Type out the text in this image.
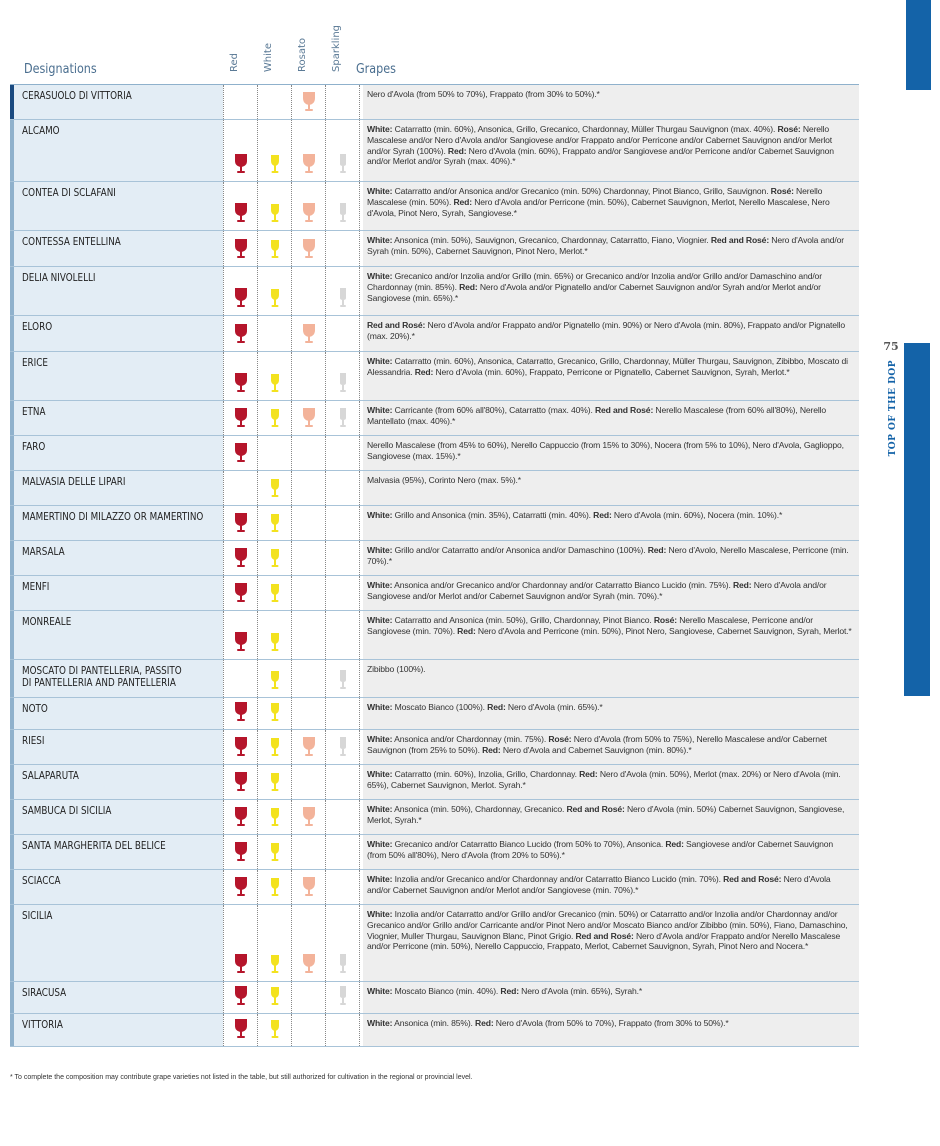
75
TOP OF THE DOP
Designations	Red	White	Rosato	Sparkling	Grapes
CERASUOLO DI VITTORIA	Nero d'Avola (from 50% to 70%), Frappato (from 30% to 50%).*
ALCAMO	White: Catarratto (min. 60%), Ansonica, Grillo, Grecanico, Chardonnay, Müller Thurgau Sauvignon (max. 40%). Rosé: Nerello Mascalese and/or Nero d'Avola and/or Sangiovese and/or Frappato and/or Perricone and/or Cabernet Sauvignon and/or Merlot and/or Syrah (100%). Red: Nero d'Avola (min. 60%), Frappato and/or Sangiovese and/or Perricone and/or Cabernet Sauvignon and/or Merlot and/or Syrah (max. 40%).*
CONTEA DI SCLAFANI	White: Catarratto and/or Ansonica and/or Grecanico (min. 50%) Chardonnay, Pinot Bianco, Grillo, Sauvignon. Rosé: Nerello Mascalese (min. 50%). Red: Nero d'Avola and/or Perricone (min. 50%), Cabernet Sauvignon, Merlot, Nerello Mascalese, Nero d'Avola, Pinot Nero, Syrah, Sangiovese.*
CONTESSA ENTELLINA	White: Ansonica (min. 50%), Sauvignon, Grecanico, Chardonnay, Catarratto, Fiano, Viognier. Red and Rosé: Nero d'Avola and/or Syrah (min. 50%), Cabernet Sauvignon, Pinot Nero, Merlot.*
DELIA NIVOLELLI	White: Grecanico and/or Inzolia and/or Grillo (min. 65%) or Grecanico and/or Inzolia and/or Grillo and/or Damaschino and/or Chardonnay (min. 85%). Red: Nero d'Avola and/or Pignatello and/or Cabernet Sauvignon and/or Syrah and/or Merlot and/or Sangiovese (min. 65%).*
ELORO	Red and Rosé: Nero d'Avola and/or Frappato and/or Pignatello (min. 90%) or Nero d'Avola (min. 80%), Frappato and/or Pignatello (max. 20%).*
ERICE	White: Catarratto (min. 60%), Ansonica, Catarratto, Grecanico, Grillo, Chardonnay, Müller Thurgau, Sauvignon, Zibibbo, Moscato di Alessandria. Red: Nero d'Avola (min. 60%), Frappato, Perricone or Pignatello, Cabernet Sauvignon, Syrah, Merlot.*
ETNA	White: Carricante (from 60% all'80%), Catarratto (max. 40%). Red and Rosé: Nerello Mascalese (from 60% all'80%), Nerello Mantellato (max. 40%).*
FARO	Nerello Mascalese (from 45% to 60%), Nerello Cappuccio (from 15% to 30%), Nocera (from 5% to 10%), Nero d'Avola, Gaglioppo, Sangiovese (max. 15%).*
MALVASIA DELLE LIPARI	Malvasia (95%), Corinto Nero (max. 5%).*
MAMERTINO DI MILAZZO OR MAMERTINO	White: Grillo and Ansonica (min. 35%), Catarratti (min. 40%). Red: Nero d'Avola (min. 60%), Nocera (min. 10%).*
MARSALA	White: Grillo and/or Catarratto and/or Ansonica and/or Damaschino (100%). Red: Nero d'Avolo, Nerello Mascalese, Perricone (min. 70%).*
MENFI	White: Ansonica and/or Grecanico and/or Chardonnay and/or Catarratto Bianco Lucido (min. 75%). Red: Nero d'Avola and/or Sangiovese and/or Merlot and/or Cabernet Sauvignon and/or Syrah (min. 70%).*
MONREALE	White: Catarratto and Ansonica (min. 50%), Grillo, Chardonnay, Pinot Bianco. Rosé: Nerello Mascalese, Perricone and/or Sangiovese (min. 70%). Red: Nero d'Avola and Perricone (min. 50%), Pinot Nero, Sangiovese, Cabernet Sauvignon, Syrah, Merlot.*
MOSCATO DI PANTELLERIA, PASSITO
DI PANTELLERIA AND PANTELLERIA
Zibibbo (100%).
NOTO	White: Moscato Bianco (100%). Red: Nero d'Avola (min. 65%).*
RIESI	White: Ansonica and/or Chardonnay (min. 75%). Rosé: Nero d'Avola (from 50% to 75%), Nerello Mascalese and/or Cabernet Sauvignon (from 25% to 50%). Red: Nero d'Avola and Cabernet Sauvignon (min. 80%).*
SALAPARUTA	White: Catarratto (min. 60%), Inzolia, Grillo, Chardonnay. Red: Nero d'Avola (min. 50%), Merlot (max. 20%) or Nero d'Avola (min. 65%), Cabernet Sauvignon, Merlot. Syrah.*
SAMBUCA DI SICILIA	White: Ansonica (min. 50%), Chardonnay, Grecanico. Red and Rosé: Nero d'Avola (min. 50%) Cabernet Sauvignon, Sangiovese, Merlot, Syrah.*
SANTA MARGHERITA DEL BELICE	White: Grecanico and/or Catarratto Bianco Lucido (from 50% to 70%), Ansonica. Red: Sangiovese and/or Cabernet Sauvignon (from 50% all'80%), Nero d'Avola (from 20% to 50%).*
SCIACCA	White: Inzolia and/or Grecanico and/or Chardonnay and/or Catarratto Bianco Lucido (min. 70%). Red and Rosé: Nero d'Avola and/or Cabernet Sauvignon and/or Merlot and/or Sangiovese (min. 70%).*
SICILIA	White: Inzolia and/or Catarratto and/or Grillo and/or Grecanico (min. 50%) or Catarratto and/or Inzolia and/or Chardonnay and/or Grecanico and/or Grillo and/or Carricante and/or Pinot Nero and/or Moscato Bianco and/or Zibibbo (min. 50%), Fiano, Damaschino, Viognier, Muller Thurgau, Sauvignon Blanc, Pinot Grigio. Red and Rosé: Nero d'Avola and/or Frappato and/or Nerello Mascalese and/or Perricone (min. 50%), Nerello Cappuccio, Frappato, Merlot, Cabernet Sauvignon, Syrah, Pinot Nero and Nocera.*
SIRACUSA	White: Moscato Bianco (min. 40%). Red: Nero d'Avola (min. 65%), Syrah.*
VITTORIA	White: Ansonica (min. 85%). Red: Nero d'Avola (from 50% to 70%), Frappato (from 30% to 50%).*
* To complete the composition may contribute grape varieties not listed in the table, but still authorized for cultivation in the regional or provincial level.
